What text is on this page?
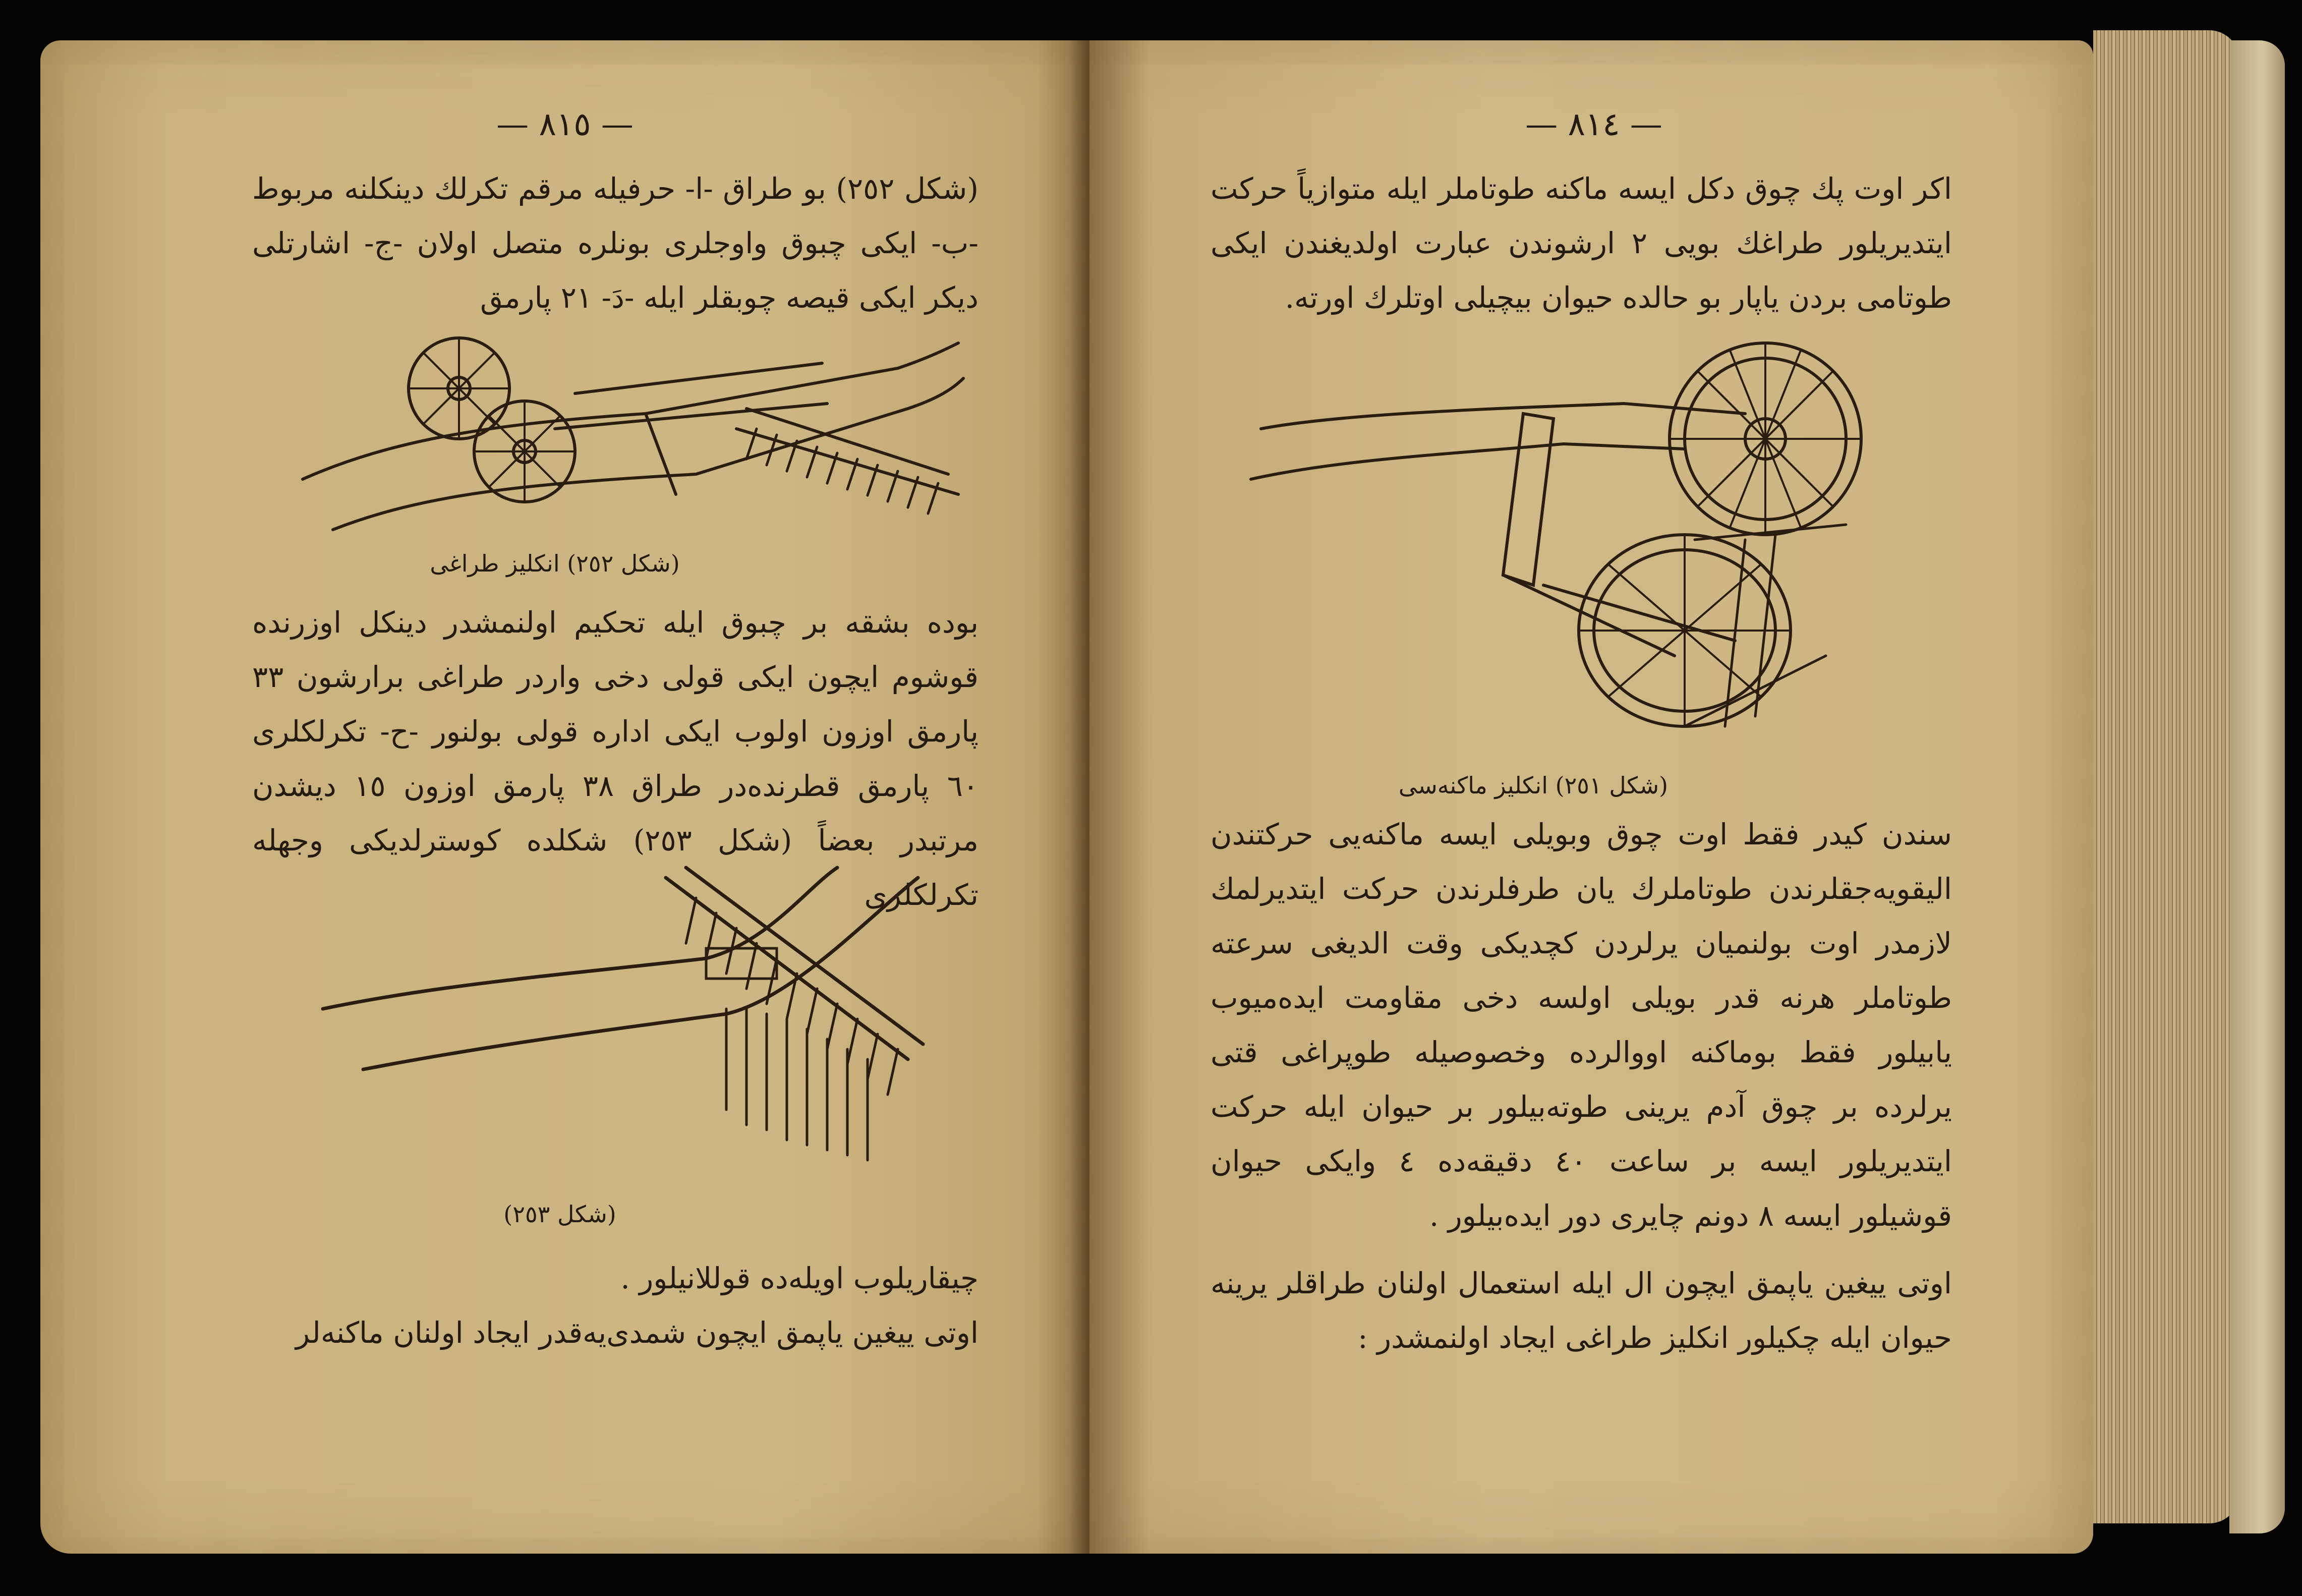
— ٨١٥ —

(شكل ٢٥٢) بو طراق -ا- حرفيله مرقم تكرلك دينكلنه مربوط -ب- ايكى چبوق واوجلرى بونلره متصل اولان -ج- اشارتلى ديكر ايكى قيصه چوبقلر ايله -دَ- ٢١ پارمق

(شكل ٢٥٢) انكليز طراغى

بوده بشقه بر چبوق ايله تحكيم اولنمشدر دينكل اوزرنده قوشوم ايچون ايكى قولى دخى واردر طراغى برارشون ٣٣ پارمق اوزون اولوب ايكى اداره قولى بولنور -ح- تكرلكلرى ٦٠ پارمق قطرنده‌در طراق ٣٨ پارمق اوزون ١٥ ديشدن مرتبدر بعضاً (شكل ٢٥٣) شكلده كوسترلديكى وجهله تكرلكلرى

(شكل ٢٥٣)

چيقاريلوب اويله‌ده قوللانيلور .

اوتى ييغين ياپمق ايچون شمدى‌يه‌قدر ايجاد اولنان ماكنه‌لر

— ٨١٤ —

اكر اوت پك چوق دكل ايسه ماكنه طوتاملر ايله متوازياً حركت ايتديريلور طراغك بويى ٢ ارشوندن عبارت اولديغندن ايكى طوتامى بردن ياپار بو حالده حيوان بيچيلى اوتلرك اورته.

(شكل ٢٥١) انكليز ماكنه‌سى

سندن كيدر فقط اوت چوق وبويلى ايسه ماكنه‌يى حركتندن اليقويه‌جقلرندن طوتاملرك يان طرفلرندن حركت ايتديرلمك لازمدر اوت بولنميان يرلردن كچديكى وقت الديغى سرعته طوتاملر هرنه قدر بويلى اولسه دخى مقاومت ايده‌ميوب يابيلور فقط بوماكنه اووالرده وخصوصيله طوپراغى قتى يرلرده بر چوق آدم يرينى طوته‌بيلور بر حيوان ايله حركت ايتديريلور ايسه بر ساعت ٤٠ دقيقه‌ده ٤ وايكى حيوان قوشيلور ايسه ٨ دونم چايرى دور ايده‌بيلور .

اوتى ييغين ياپمق ايچون ال ايله استعمال اولنان طراقلر يرينه حيوان ايله چكيلور انكليز طراغى ايجاد اولنمشدر :
